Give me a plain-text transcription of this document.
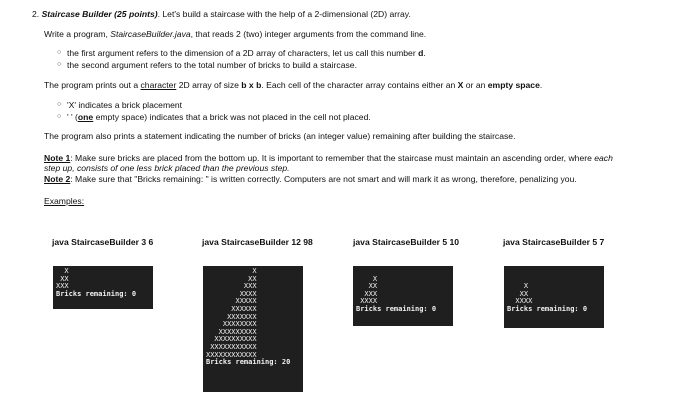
2. Staircase Builder (25 points). Let's build a staircase with the help of a 2-dimensional (2D) array.
Write a program, StaircaseBuilder.java, that reads 2 (two) integer arguments from the command line.
○ the first argument refers to the dimension of a 2D array of characters, let us call this number d.
○ the second argument refers to the total number of bricks to build a staircase.
The program prints out a character 2D array of size b x b. Each cell of the character array contains either an X or an empty space.
○ 'X' indicates a brick placement
○ ' ' (one empty space) indicates that a brick was not placed in the cell not placed.
The program also prints a statement indicating the number of bricks (an integer value) remaining after building the staircase.
Note 1: Make sure bricks are placed from the bottom up. It is important to remember that the staircase must maintain an ascending order, where each
step up, consists of one less brick placed than the previous step.
Note 2: Make sure that "Bricks remaining: " is written correctly. Computers are not smart and will mark it as wrong, therefore, penalizing you.
Examples:
java StaircaseBuilder 3 6	java StaircaseBuilder 12 98	java StaircaseBuilder 5 10	java StaircaseBuilder 5 7
X
XX
XXX
Bricks remaining: 0
X
XX
XXX
XXXX
XXXXX
XXXXXX
XXXXXXX
XXXXXXXX
XXXXXXXXX
XXXXXXXXXX
XXXXXXXXXXX
XXXXXXXXXXXX
Bricks remaining: 20

X
XX
XXX
XXXX
Bricks remaining: 0

X
XX
XXXX
Bricks remaining: 0
